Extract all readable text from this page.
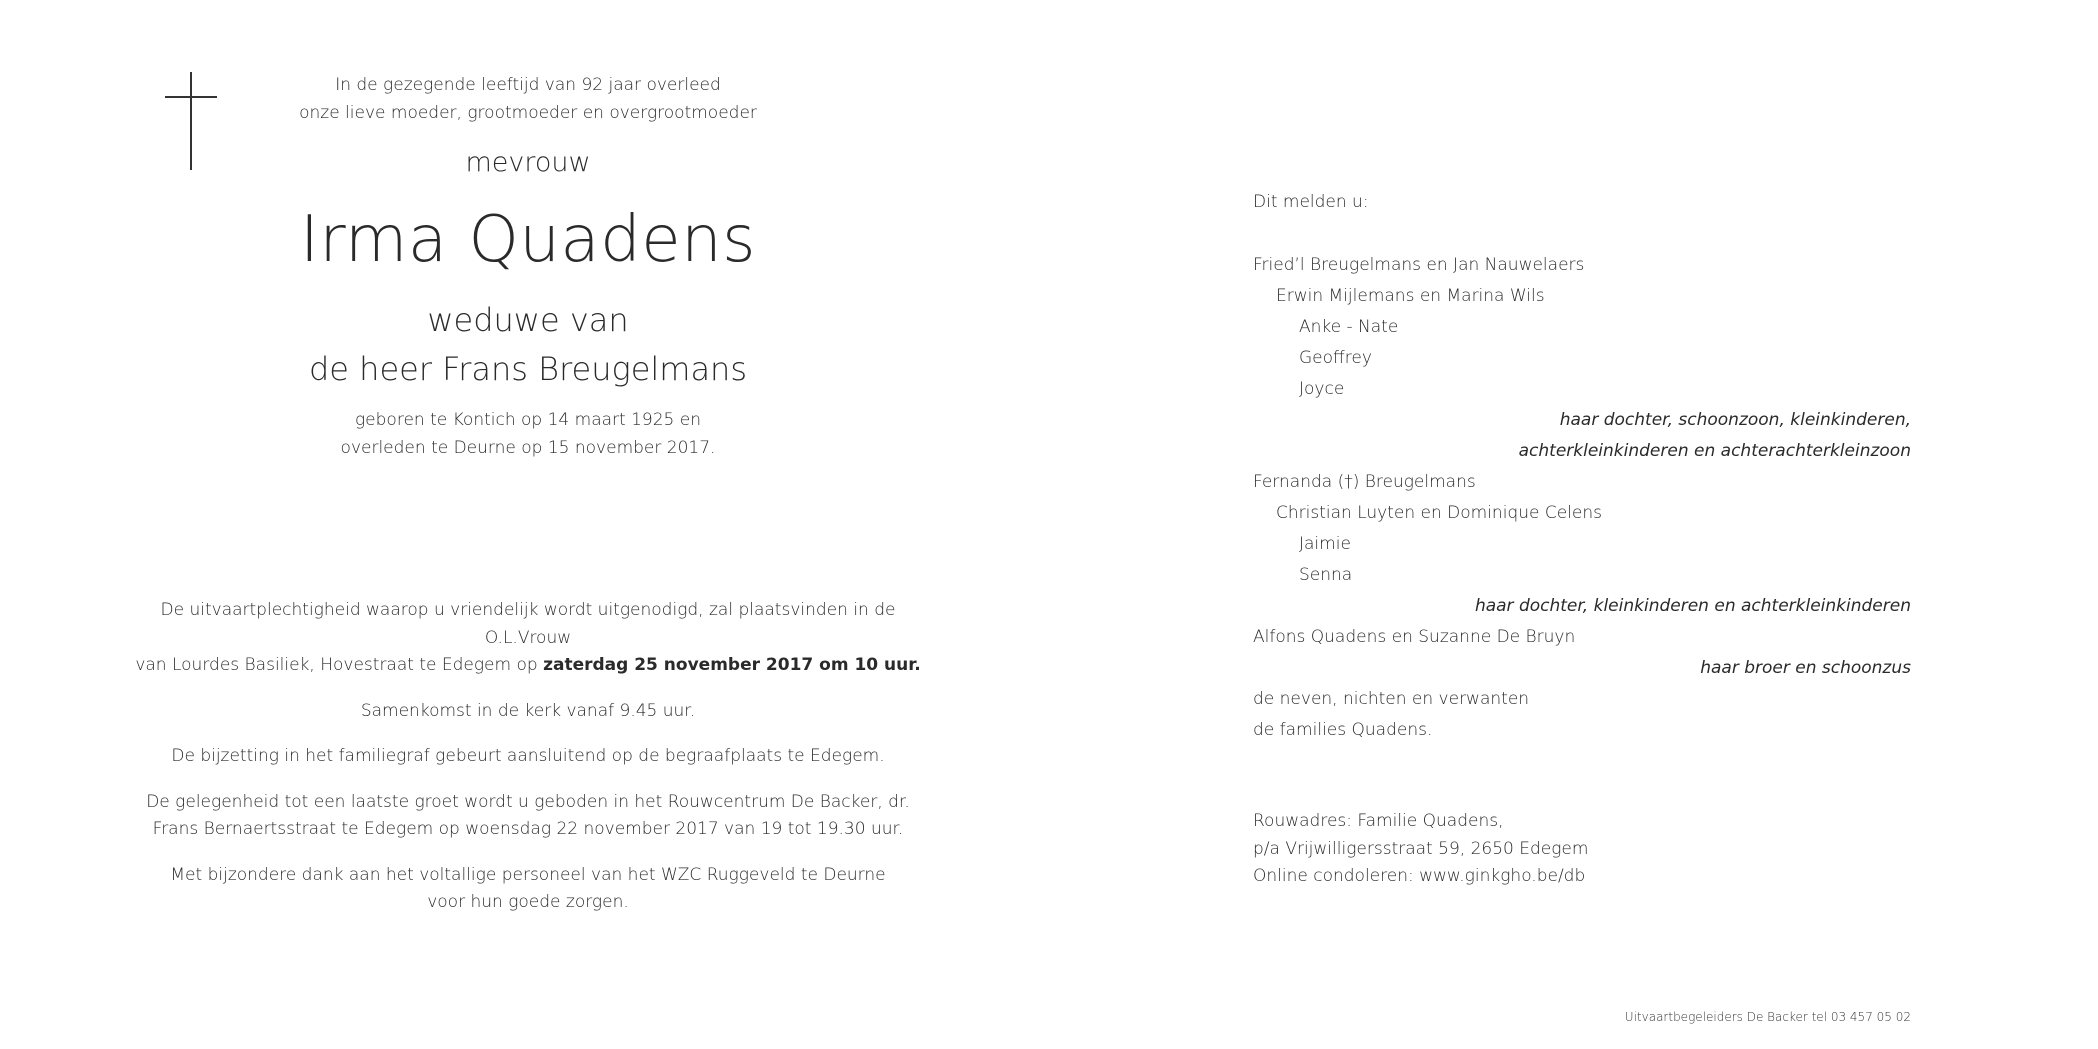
In de gezegende leeftijd van 92 jaar overleed
onze lieve moeder, grootmoeder en overgrootmoeder
mevrouw
Irma Quadens
weduwe van
de heer Frans Breugelmans
geboren te Kontich op 14 maart 1925 en
overleden te Deurne op 15 november 2017.

De uitvaartplechtigheid waarop u vriendelijk wordt uitgenodigd, zal plaatsvinden in de O.L.Vrouw
van Lourdes Basiliek, Hovestraat te Edegem op zaterdag 25 november 2017 om 10 uur.

Samenkomst in de kerk vanaf 9.45 uur.

De bijzetting in het familiegraf gebeurt aansluitend op de begraafplaats te Edegem.

De gelegenheid tot een laatste groet wordt u geboden in het Rouwcentrum De Backer, dr.
Frans Bernaertsstraat te Edegem op woensdag 22 november 2017 van 19 tot 19.30 uur.

Met bijzondere dank aan het voltallige personeel van het WZC Ruggeveld te Deurne
voor hun goede zorgen.

Dit melden u:
Fried’l Breugelmans en Jan Nauwelaers
Erwin Mijlemans en Marina Wils
Anke - Nate
Geoffrey
Joyce
haar dochter, schoonzoon, kleinkinderen,
achterkleinkinderen en achterachterkleinzoon
Fernanda (†) Breugelmans
Christian Luyten en Dominique Celens
Jaimie
Senna
haar dochter, kleinkinderen en achterkleinkinderen
Alfons Quadens en Suzanne De Bruyn
haar broer en schoonzus
de neven, nichten en verwanten
de families Quadens.
Rouwadres: Familie Quadens,
p/a Vrijwilligersstraat 59, 2650 Edegem
Online condoleren: www.ginkgho.be/db
Uitvaartbegeleiders De Backer tel 03 457 05 02
